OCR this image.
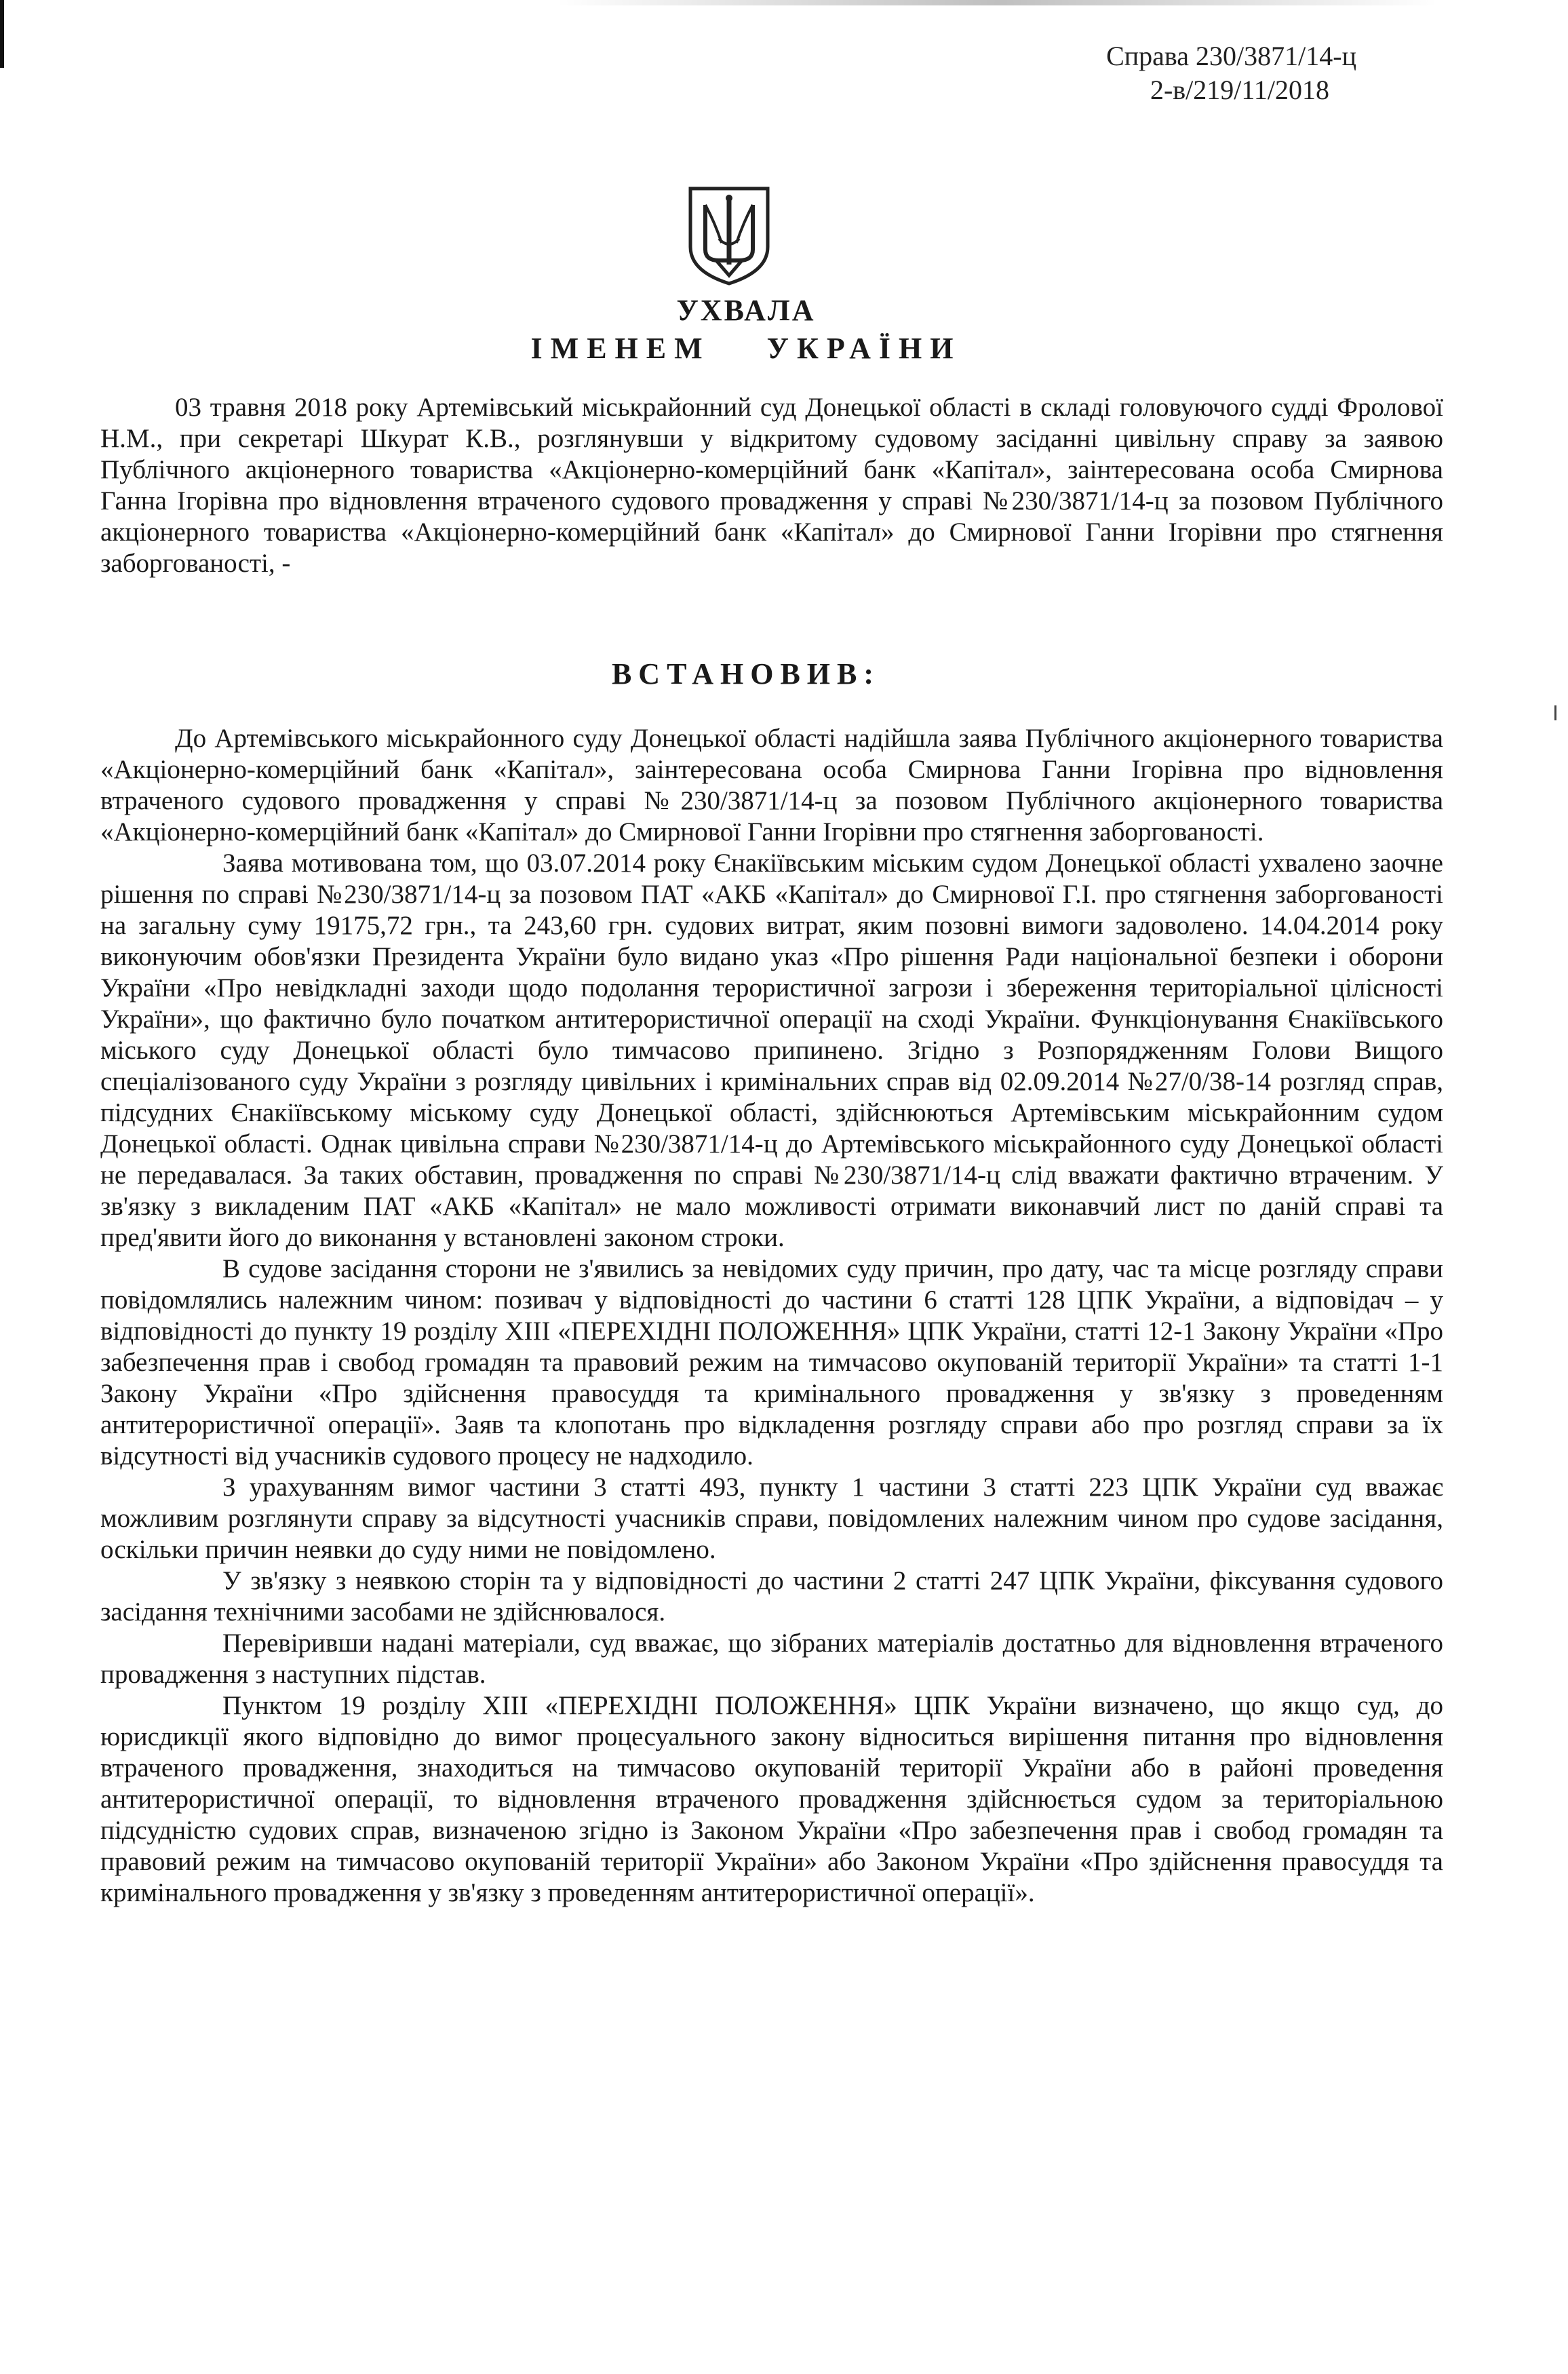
Справа 230/3871/14-ц
2-в/219/11/2018
УХВАЛА
ІМЕНЕМ УКРАЇНИ

03 травня 2018 року Артемівський міськрайонний суд Донецької області в складі головуючого судді Фролової Н.М., при секретарі Шкурат К.В., розглянувши у відкритому судовому засіданні цивільну справу за заявою Публічного акціонерного товариства «Акціонерно-комерційний банк «Капітал», заінтересована особа Смирнова Ганна Ігорівна про відновлення втраченого судового провадження у справі №230/3871/14-ц за позовом Публічного акціонерного товариства «Акціонерно-комерційний банк «Капітал» до Смирнової Ганни Ігорівни про стягнення заборгованості, -

ВСТАНОВИВ:

До Артемівського міськрайонного суду Донецької області надійшла заява Публічного акціонерного товариства «Акціонерно-комерційний банк «Капітал», заінтересована особа Смирнова Ганни Ігорівна про відновлення втраченого судового провадження у справі №230/3871/14-ц за позовом Публічного акціонерного товариства «Акціонерно-комерційний банк «Капітал» до Смирнової Ганни Ігорівни про стягнення заборгованості.

Заява мотивована том, що 03.07.2014 року Єнакіївським міським судом Донецької області ухвалено заочне рішення по справі №230/3871/14-ц за позовом ПАТ «АКБ «Капітал» до Смирнової Г.І. про стягнення заборгованості на загальну суму 19175,72 грн., та 243,60 грн. судових витрат, яким позовні вимоги задоволено. 14.04.2014 року виконуючим обов'язки Президента України було видано указ «Про рішення Ради національної безпеки і оборони України «Про невідкладні заходи щодо подолання терористичної загрози і збереження територіальної цілісності України», що фактично було початком антитерористичної операції на сході України. Функціонування Єнакіївського міського суду Донецької області було тимчасово припинено. Згідно з Розпорядженням Голови Вищого спеціалізованого суду України з розгляду цивільних і кримінальних справ від 02.09.2014 №27/0/38-14 розгляд справ, підсудних Єнакіївському міському суду Донецької області, здійснюються Артемівським міськрайонним судом Донецької області. Однак цивільна справи №230/3871/14-ц до Артемівського міськрайонного суду Донецької області не передавалася. За таких обставин, провадження по справі №230/3871/14-ц слід вважати фактично втраченим. У зв'язку з викладеним ПАТ «АКБ «Капітал» не мало можливості отримати виконавчий лист по даній справі та пред'явити його до виконання у встановлені законом строки.

В судове засідання сторони не з'явились за невідомих суду причин, про дату, час та місце розгляду справи повідомлялись належним чином: позивач у відповідності до частини 6 статті 128 ЦПК України, а відповідач – у відповідності до пункту 19 розділу XIII «ПЕРЕХІДНІ ПОЛОЖЕННЯ» ЦПК України, статті 12-1 Закону України «Про забезпечення прав і свобод громадян та правовий режим на тимчасово окупованій території України» та статті 1-1 Закону України «Про здійснення правосуддя та кримінального провадження у зв'язку з проведенням антитерористичної операції». Заяв та клопотань про відкладення розгляду справи або про розгляд справи за їх відсутності від учасників судового процесу не надходило.

З урахуванням вимог частини 3 статті 493, пункту 1 частини 3 статті 223 ЦПК України суд вважає можливим розглянути справу за відсутності учасників справи, повідомлених належним чином про судове засідання, оскільки причин неявки до суду ними не повідомлено.

У зв'язку з неявкою сторін та у відповідності до частини 2 статті 247 ЦПК України, фіксування судового засідання технічними засобами не здійснювалося.

Перевіривши надані матеріали, суд вважає, що зібраних матеріалів достатньо для відновлення втраченого провадження з наступних підстав.

Пунктом 19 розділу XIII «ПЕРЕХІДНІ ПОЛОЖЕННЯ» ЦПК України визначено, що якщо суд, до юрисдикції якого відповідно до вимог процесуального закону відноситься вирішення питання про відновлення втраченого провадження, знаходиться на тимчасово окупованій території України або в районі проведення антитерористичної операції, то відновлення втраченого провадження здійснюється судом за територіальною підсудністю судових справ, визначеною згідно із Законом України «Про забезпечення прав і свобод громадян та правовий режим на тимчасово окупованій території України» або Законом України «Про здійснення правосуддя та кримінального провадження у зв'язку з проведенням антитерористичної операції».
